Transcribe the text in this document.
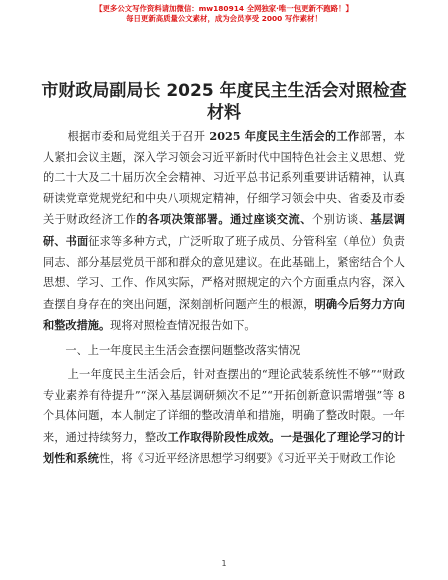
【更多公文写作资料请加微信：mw180914 全网独家·唯一包更新不跑路！】
每日更新高质量公文素材，成为会员享受 2000 写作素材！
市财政局副局长 2025 年度民主生活会对照检查材料

根据市委和局党组关于召开 2025 年度民主生活会的工作部署，本人紧扣会议主题，深入学习领会习近平新时代中国特色社会主义思想、党的二十大及二十届历次全会精神、习近平总书记系列重要讲话精神，认真研读党章党规党纪和中央八项规定精神，仔细学习领会中央、省委及市委关于财政经济工作的各项决策部署。通过座谈交流、个别访谈、基层调研、书面征求等多种方式，广泛听取了班子成员、分管科室（单位）负责同志、部分基层党员干部和群众的意见建议。在此基础上，紧密结合个人思想、学习、工作、作风实际，严格对照规定的六个方面重点内容，深入查摆自身存在的突出问题，深刻剖析问题产生的根源，明确今后努力方向和整改措施。现将对照检查情况报告如下。

一、上一年度民主生活会查摆问题整改落实情况

上一年度民主生活会后，针对查摆出的“理论武装系统性不够”“财政专业素养有待提升”“深入基层调研频次不足”“开拓创新意识需增强”等 8 个具体问题，本人制定了详细的整改清单和措施，明确了整改时限。一年来，通过持续努力，整改工作取得阶段性成效。一是强化了理论学习的计划性和系统性，将《习近平经济思想学习纲要》《习近平关于财政工作论

1
